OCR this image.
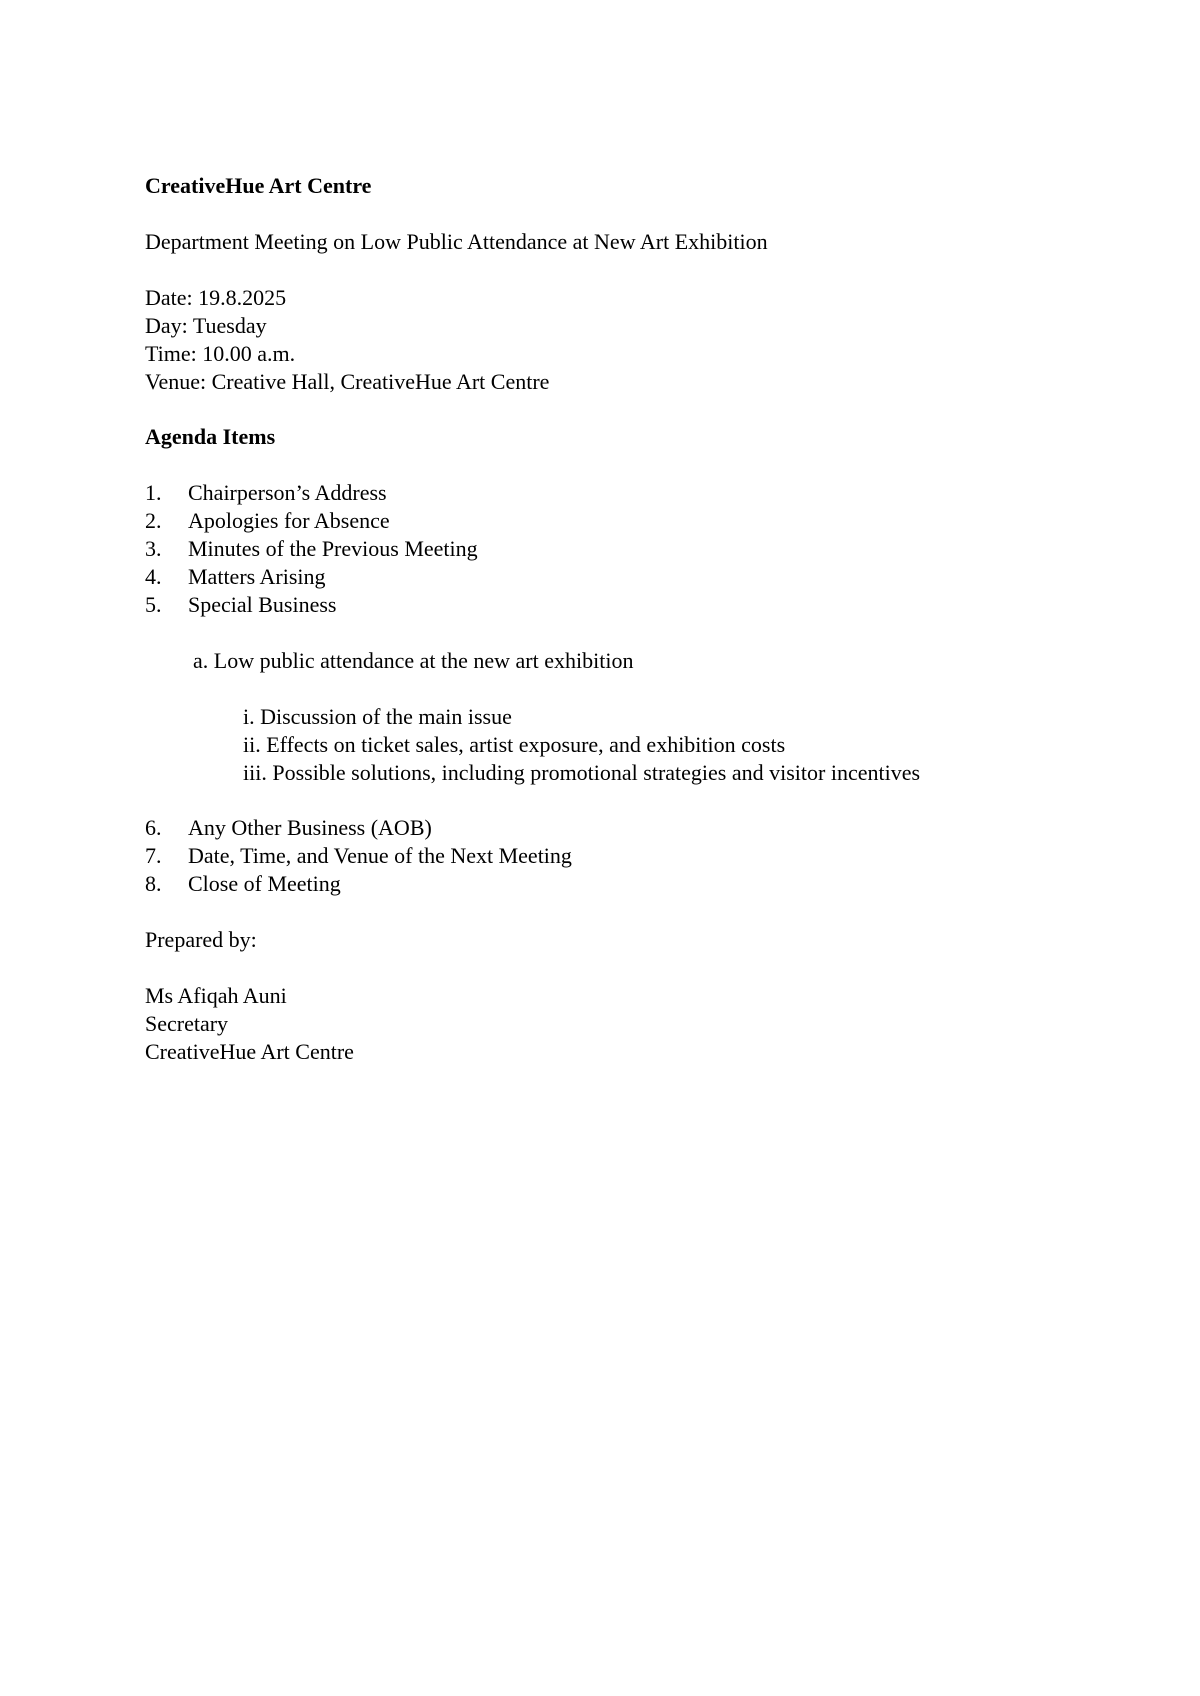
CreativeHue Art Centre
Department Meeting on Low Public Attendance at New Art Exhibition
Date: 19.8.2025
Day: Tuesday
Time: 10.00 a.m.
Venue: Creative Hall, CreativeHue Art Centre
Agenda Items
1.	Chairperson’s Address
2.	Apologies for Absence
3.	Minutes of the Previous Meeting
4.	Matters Arising
5.	Special Business
a. Low public attendance at the new art exhibition
i. Discussion of the main issue
ii. Effects on ticket sales, artist exposure, and exhibition costs
iii. Possible solutions, including promotional strategies and visitor incentives
6.	Any Other Business (AOB)
7.	Date, Time, and Venue of the Next Meeting
8.	Close of Meeting
Prepared by:
Ms Afiqah Auni
Secretary
CreativeHue Art Centre
